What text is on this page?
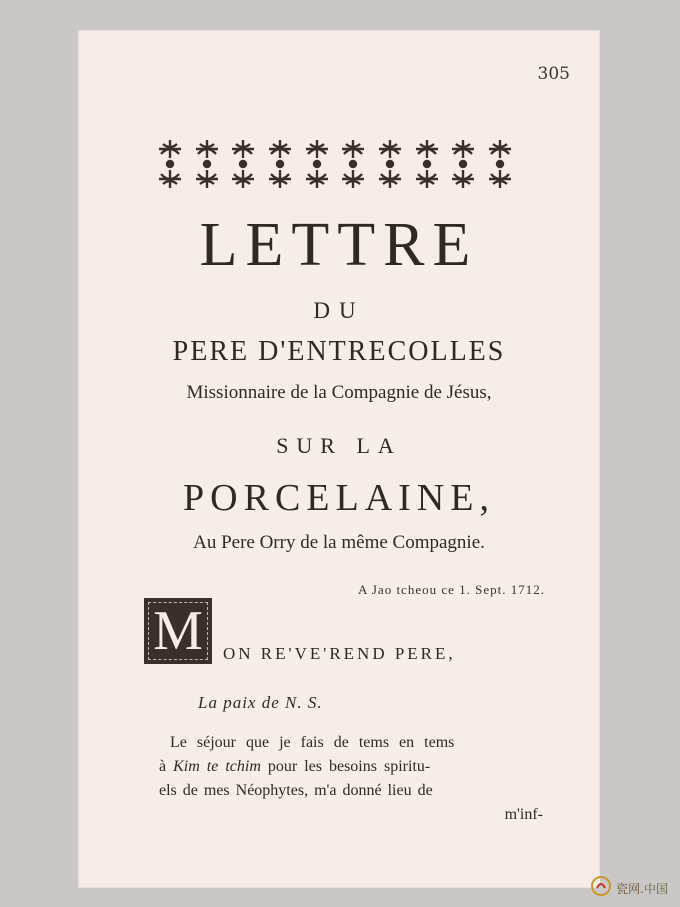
305
LETTRE
DU
PERE D'ENTRECOLLES
Missionnaire de la Compagnie de Jésus,
SUR LA
PORCELAINE,
Au Pere Orry de la même Compagnie.
A Jao tcheou ce 1. Sept. 1712.
M	ON RE'VE'REND PERE,
La paix de N. S.
Le séjour que je fais de tems en tems
à Kim te tchim pour les besoins spiritu-
els de mes Néophytes, m'a donné lieu de
m'inf-
瓷网.中国
